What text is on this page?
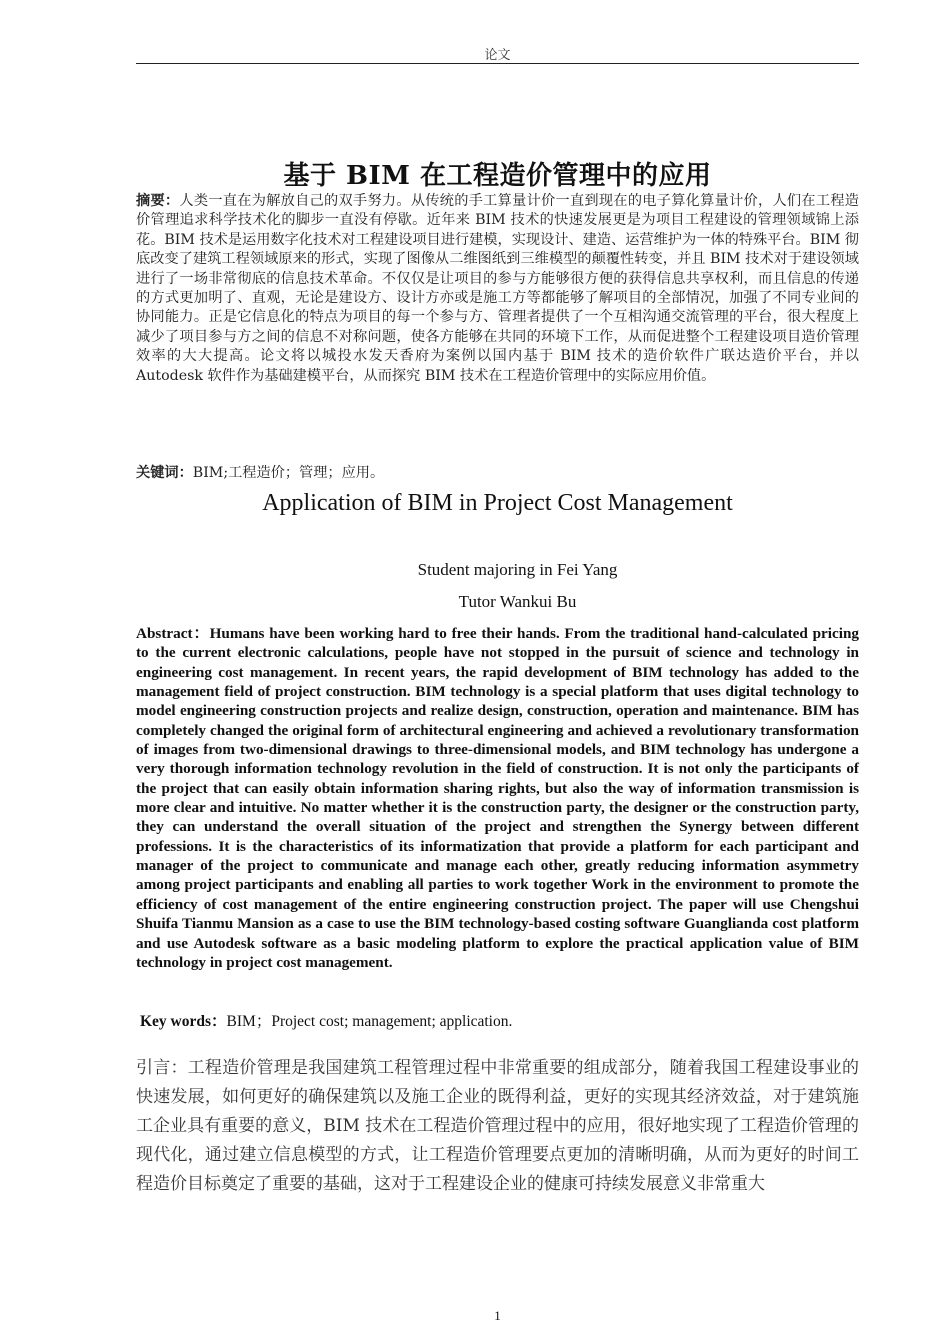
论文
基于 BIM 在工程造价管理中的应用
摘要：人类一直在为解放自己的双手努力。从传统的手工算量计价一直到现在的电子算化算量计价，人们在工程造价管理追求科学技术化的脚步一直没有停歇。近年来 BIM 技术的快速发展更是为项目工程建设的管理领域锦上添花。BIM 技术是运用数字化技术对工程建设项目进行建模，实现设计、建造、运营维护为一体的特殊平台。BIM 彻底改变了建筑工程领域原来的形式，实现了图像从二维图纸到三维模型的颠覆性转变，并且 BIM 技术对于建设领域进行了一场非常彻底的信息技术革命。不仅仅是让项目的参与方能够很方便的获得信息共享权利，而且信息的传递的方式更加明了、直观，无论是建设方、设计方亦或是施工方等都能够了解项目的全部情况，加强了不同专业间的协同能力。正是它信息化的特点为项目的每一个参与方、管理者提供了一个互相沟通交流管理的平台，很大程度上减少了项目参与方之间的信息不对称问题，使各方能够在共同的环境下工作，从而促进整个工程建设项目造价管理效率的大大提高。论文将以城投水发天香府为案例以国内基于 BIM 技术的造价软件广联达造价平台，并以 Autodesk 软件作为基础建模平台，从而探究 BIM 技术在工程造价管理中的实际应用价值。
关键词：BIM;工程造价；管理；应用。
Application of BIM in Project Cost Management
Student majoring in Fei Yang
Tutor Wankui Bu
Abstract：Humans have been working hard to free their hands. From the traditional hand-calculated pricing to the current electronic calculations, people have not stopped in the pursuit of science and technology in engineering cost management. In recent years, the rapid development of BIM technology has added to the management field of project construction. BIM technology is a special platform that uses digital technology to model engineering construction projects and realize design, construction, operation and maintenance. BIM has completely changed the original form of architectural engineering and achieved a revolutionary transformation of images from two-dimensional drawings to three-dimensional models, and BIM technology has undergone a very thorough information technology revolution in the field of construction. It is not only the participants of the project that can easily obtain information sharing rights, but also the way of information transmission is more clear and intuitive. No matter whether it is the construction party, the designer or the construction party, they can understand the overall situation of the project and strengthen the Synergy between different professions. It is the characteristics of its informatization that provide a platform for each participant and manager of the project to communicate and manage each other, greatly reducing information asymmetry among project participants and enabling all parties to work together Work in the environment to promote the efficiency of cost management of the entire engineering construction project. The paper will use Chengshui Shuifa Tianmu Mansion as a case to use the BIM technology-based costing software Guanglianda cost platform and use Autodesk software as a basic modeling platform to explore the practical application value of BIM technology in project cost management.
Key words：BIM；Project cost; management; application.
引言：工程造价管理是我国建筑工程管理过程中非常重要的组成部分，随着我国工程建设事业的快速发展，如何更好的确保建筑以及施工企业的既得利益，更好的实现其经济效益，对于建筑施工企业具有重要的意义，BIM 技术在工程造价管理过程中的应用，很好地实现了工程造价管理的现代化，通过建立信息模型的方式，让工程造价管理要点更加的清晰明确，从而为更好的时间工程造价目标奠定了重要的基础，这对于工程建设企业的健康可持续发展意义非常重大
1
